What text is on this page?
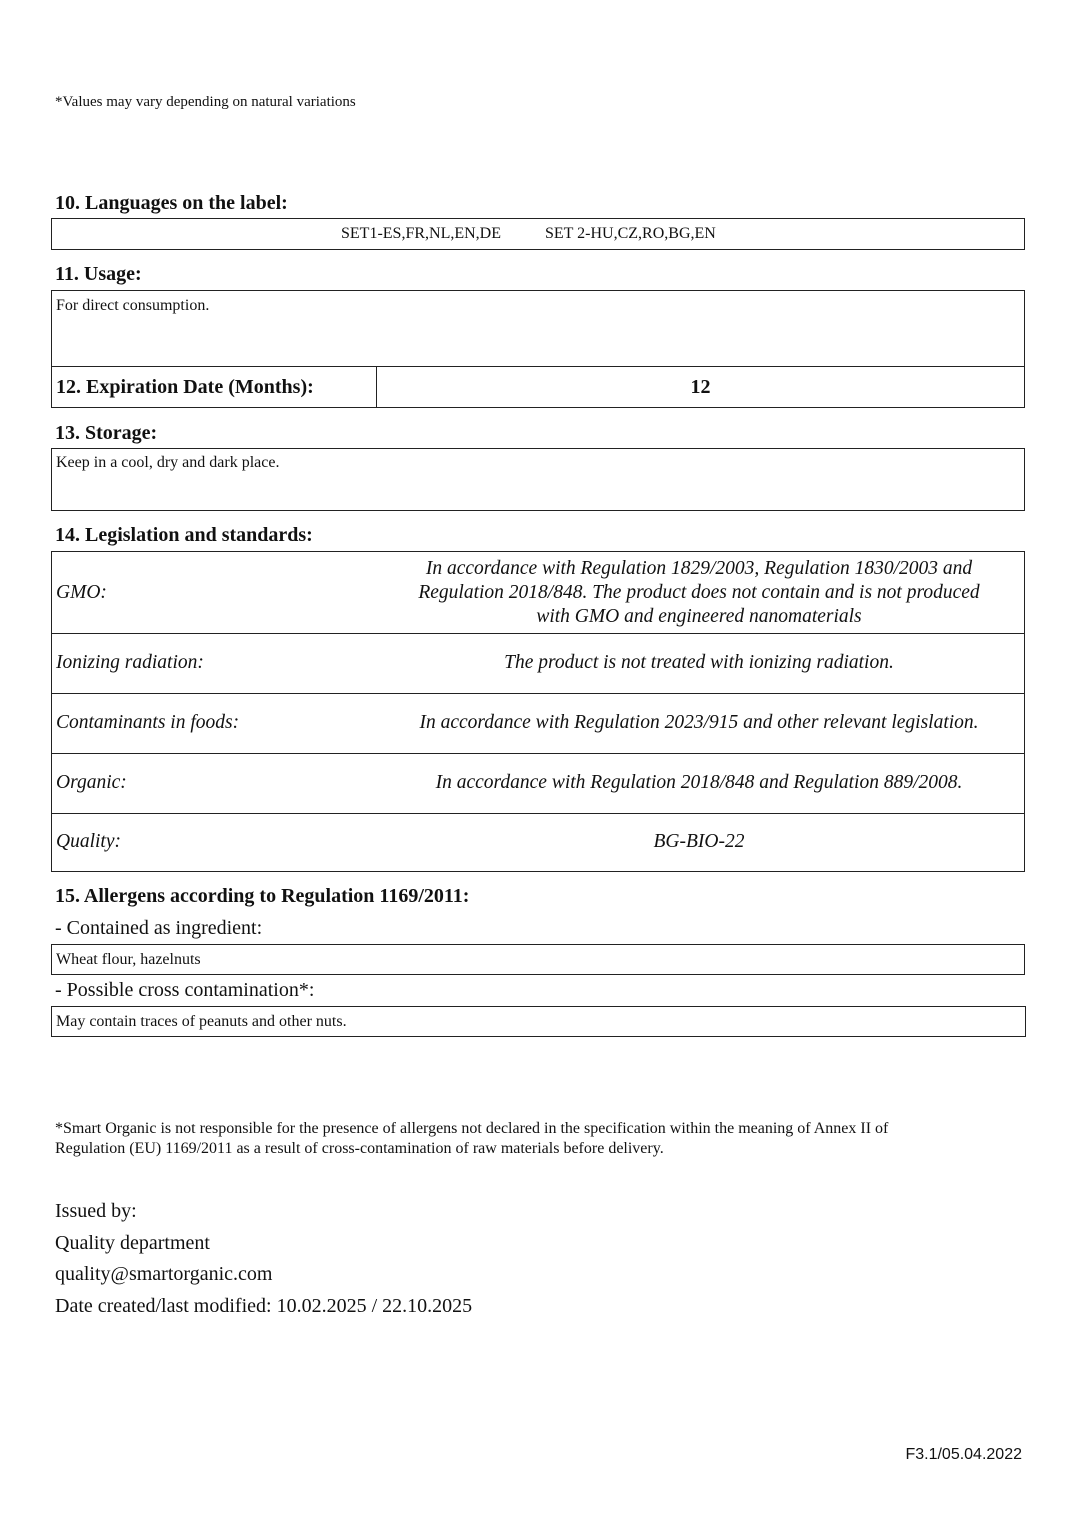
*Values may vary depending on natural variations
10. Languages on the label:
SET1-ES,FR,NL,EN,DE	SET 2-HU,CZ,RO,BG,EN
11. Usage:
For direct consumption.
12. Expiration Date (Months):	12
13. Storage:
Keep in a cool, dry and dark place.
14. Legislation and standards:
GMO:
In accordance with Regulation 1829/2003, Regulation 1830/2003 and
Regulation 2018/848. The product does not contain and is not produced
with GMO and engineered nanomaterials
Ionizing radiation:	The product is not treated with ionizing radiation.
Contaminants in foods:	In accordance with Regulation 2023/915 and other relevant legislation.
Organic:	In accordance with Regulation 2018/848 and Regulation 889/2008.
Quality:	BG-BIO-22
15. Allergens according to Regulation 1169/2011:
- Contained as ingredient:
Wheat flour, hazelnuts
- Possible cross contamination*:
May contain traces of peanuts and other nuts.
*Smart Organic is not responsible for the presence of allergens not declared in the specification within the meaning of Annex II of
Regulation (EU) 1169/2011 as a result of cross-contamination of raw materials before delivery.
Issued by:
Quality department
quality@smartorganic.com
Date created/last modified: 10.02.2025 / 22.10.2025
F3.1/05.04.2022
